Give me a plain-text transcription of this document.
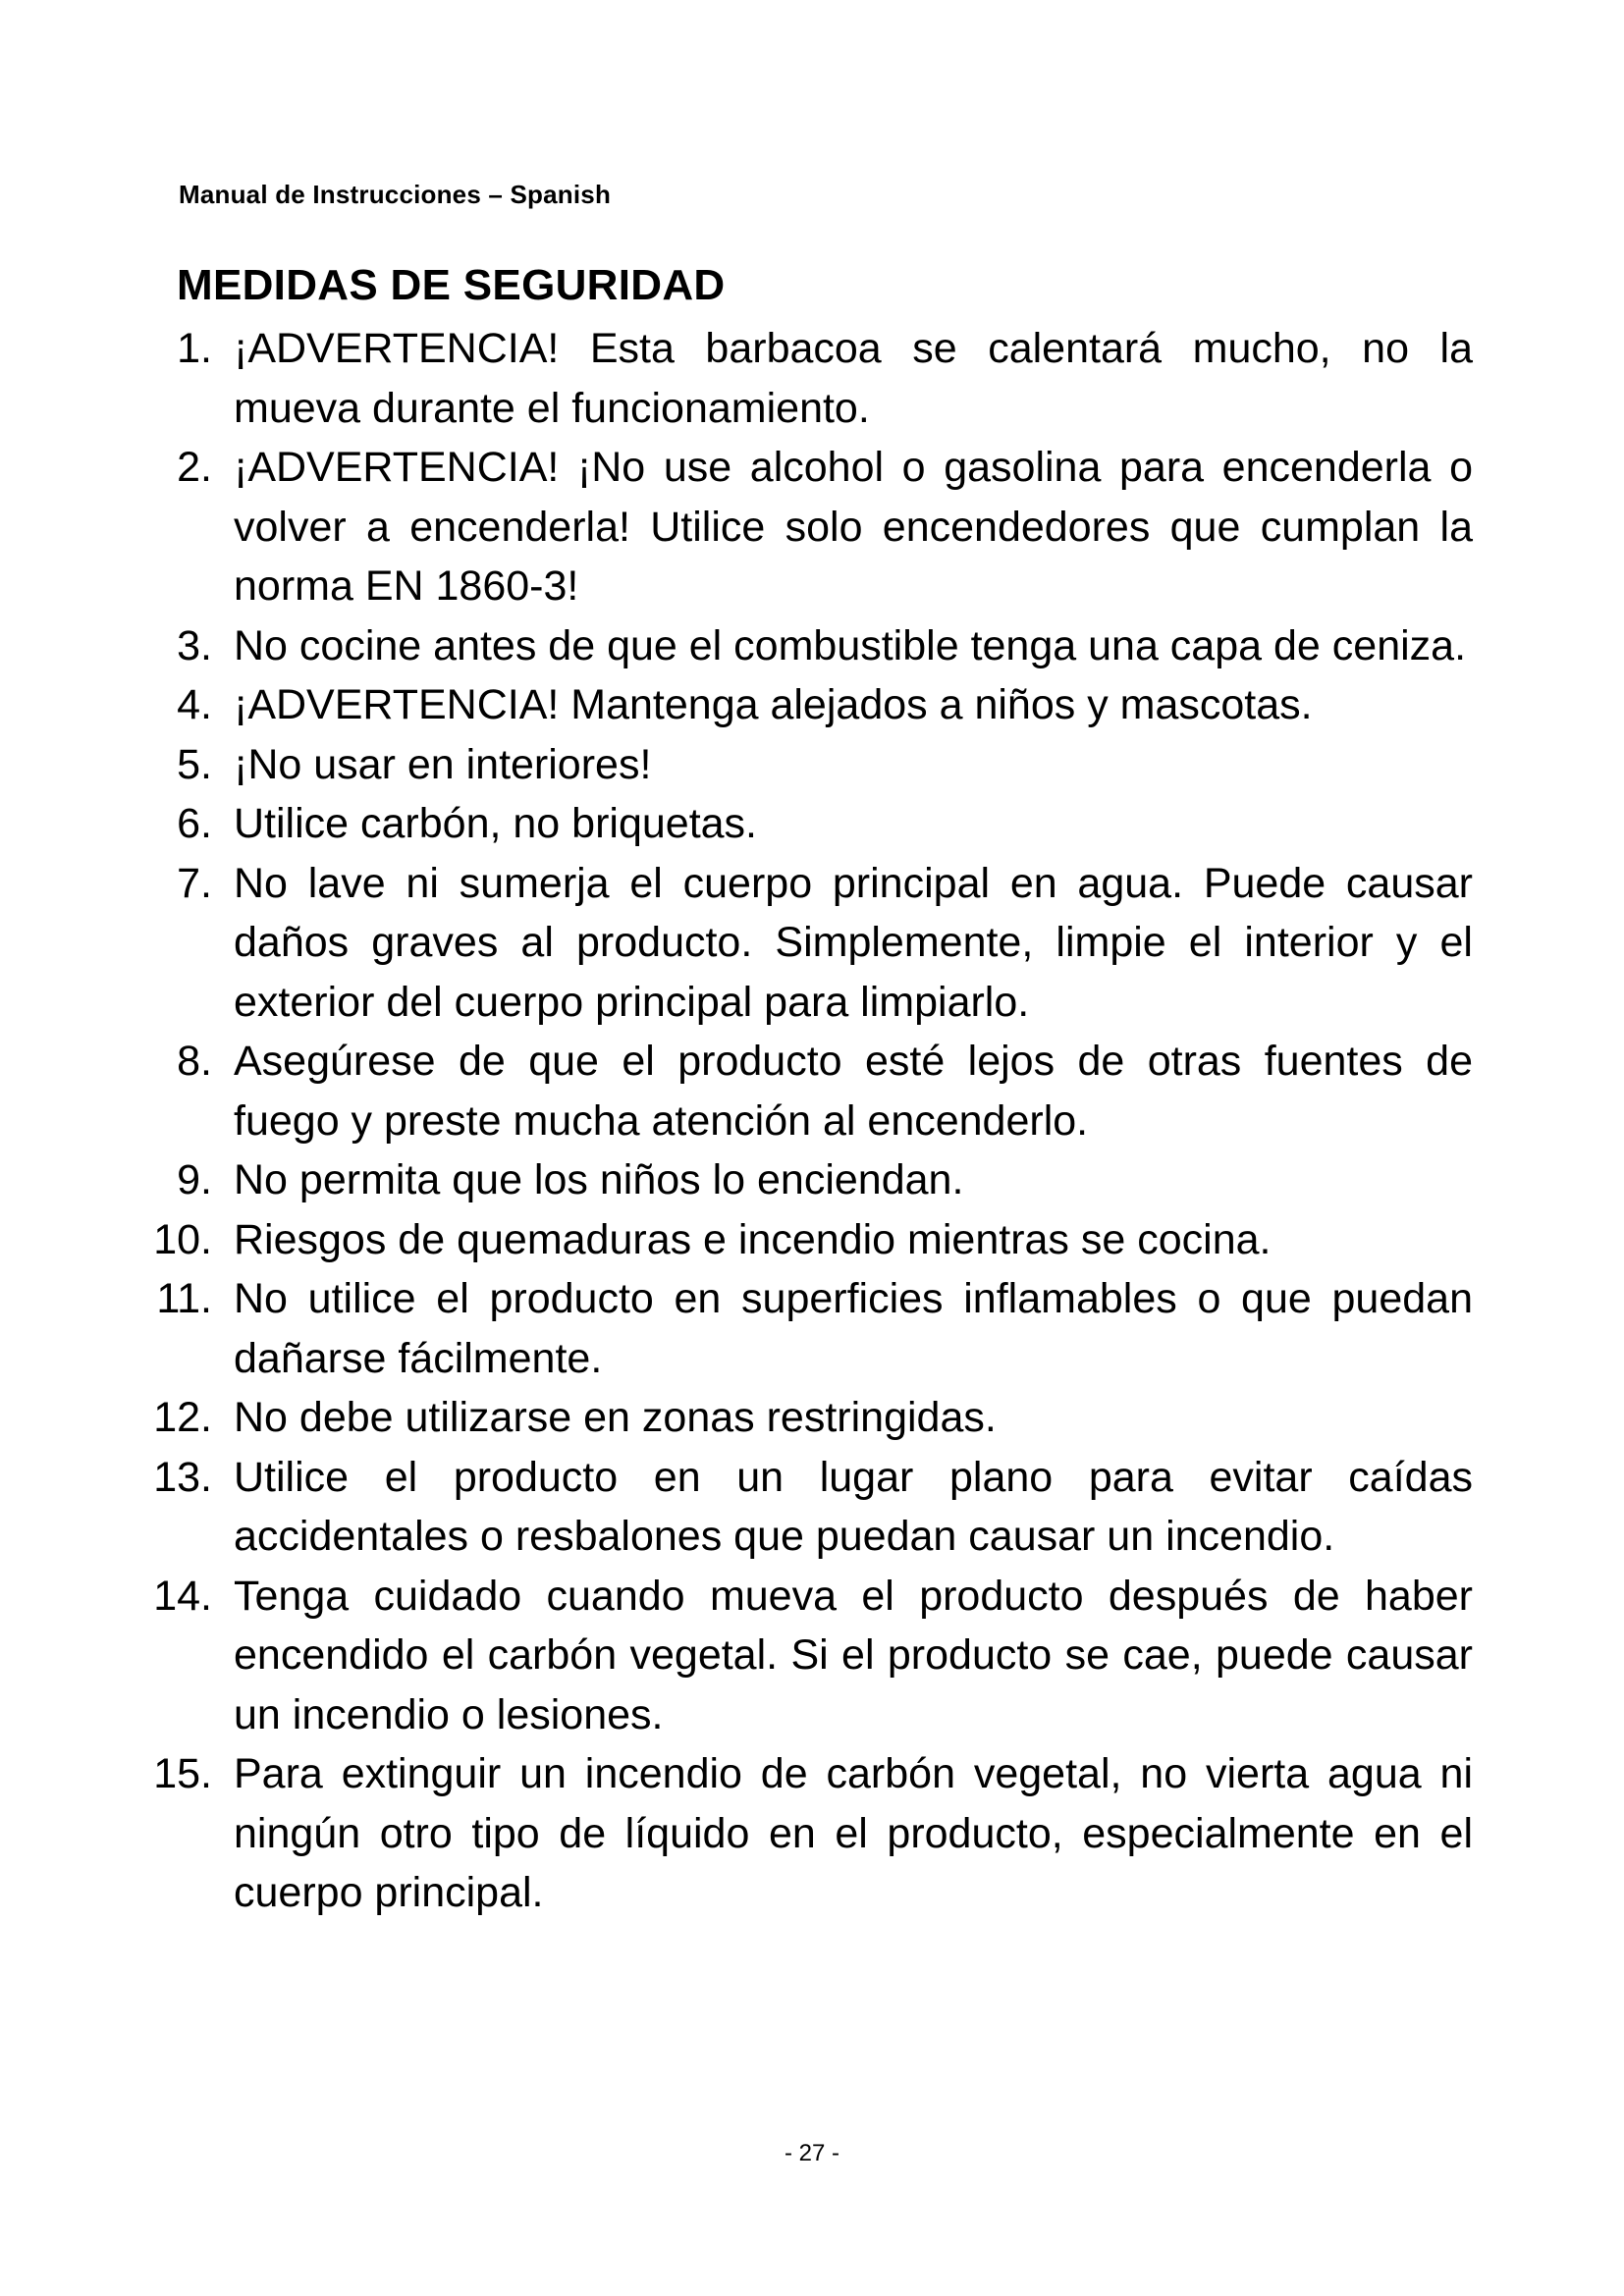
Manual de Instrucciones – Spanish
MEDIDAS DE SEGURIDAD
1. ¡ADVERTENCIA! Esta barbacoa se calentará mucho, no la mueva durante el funcionamiento.
2. ¡ADVERTENCIA! ¡No use alcohol o gasolina para encenderla o volver a encenderla! Utilice solo encendedores que cumplan la norma EN 1860-3!
3. No cocine antes de que el combustible tenga una capa de ceniza.
4. ¡ADVERTENCIA! Mantenga alejados a niños y mascotas.
5. ¡No usar en interiores!
6. Utilice carbón, no briquetas.
7. No lave ni sumerja el cuerpo principal en agua. Puede causar daños graves al producto. Simplemente, limpie el interior y el exterior del cuerpo principal para limpiarlo.
8. Asegúrese de que el producto esté lejos de otras fuentes de fuego y preste mucha atención al encenderlo.
9. No permita que los niños lo enciendan.
10. Riesgos de quemaduras e incendio mientras se cocina.
11. No utilice el producto en superficies inflamables o que puedan dañarse fácilmente.
12. No debe utilizarse en zonas restringidas.
13. Utilice el producto en un lugar plano para evitar caídas accidentales o resbalones que puedan causar un incendio.
14. Tenga cuidado cuando mueva el producto después de haber encendido el carbón vegetal. Si el producto se cae, puede causar un incendio o lesiones.
15. Para extinguir un incendio de carbón vegetal, no vierta agua ni ningún otro tipo de líquido en el producto, especialmente en el cuerpo principal.
- 27 -
